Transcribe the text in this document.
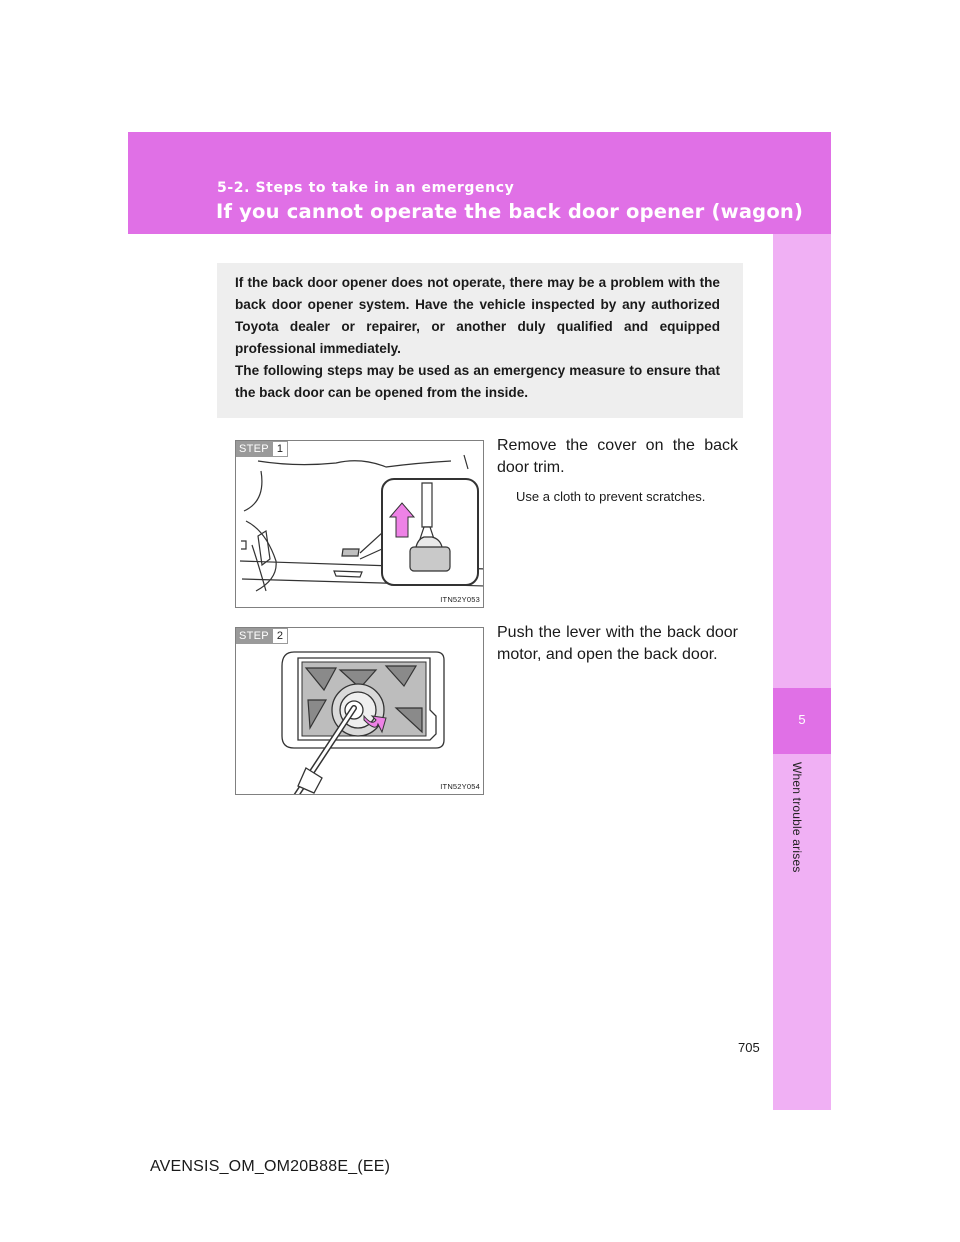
5-2. Steps to take in an emergency
If you cannot operate the back door opener (wagon)
5
When trouble arises

If the back door opener does not operate, there may be a problem with the back door opener system. Have the vehicle inspected by any authorized Toyota dealer or repairer, or another duly qualified and equipped professional immediately.

The following steps may be used as an emergency measure to ensure that the back door can be opened from the inside.

STEP 1
ITN52Y053

Remove the cover on the back door trim.

Use a cloth to prevent scratches.

STEP 2
ITN52Y054

Push the lever with the back door motor, and open the back door.

705
AVENSIS_OM_OM20B88E_(EE)
